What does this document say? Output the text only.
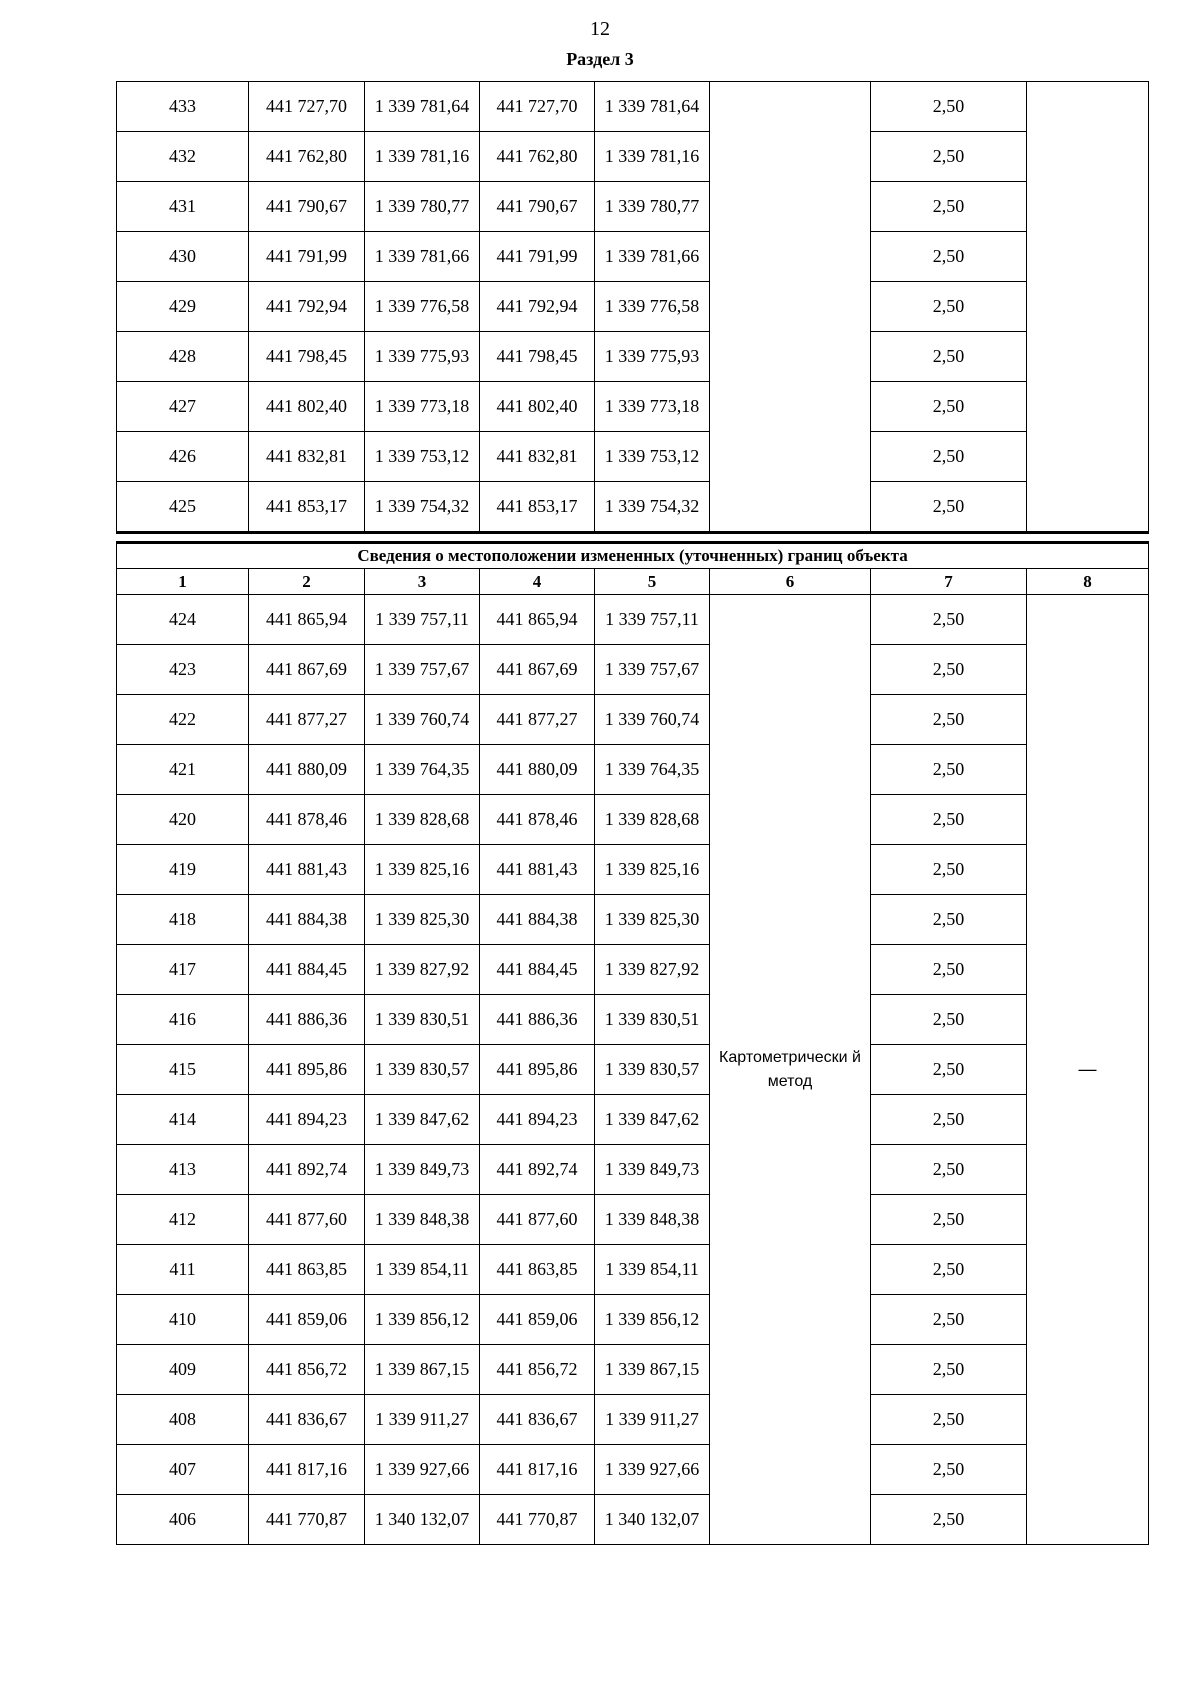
12
Раздел 3
433	441 727,70	1 339 781,64	441 727,70	1 339 781,64		2,50	
432	441 762,80	1 339 781,16	441 762,80	1 339 781,16		2,50	
431	441 790,67	1 339 780,77	441 790,67	1 339 780,77		2,50	
430	441 791,99	1 339 781,66	441 791,99	1 339 781,66		2,50	
429	441 792,94	1 339 776,58	441 792,94	1 339 776,58		2,50	
428	441 798,45	1 339 775,93	441 798,45	1 339 775,93		2,50	
427	441 802,40	1 339 773,18	441 802,40	1 339 773,18		2,50	
426	441 832,81	1 339 753,12	441 832,81	1 339 753,12		2,50	
425	441 853,17	1 339 754,32	441 853,17	1 339 754,32		2,50	
Сведения о местоположении измененных (уточненных) границ объекта							
1	2	3	4	5	6	7	8
424	441 865,94	1 339 757,11	441 865,94	1 339 757,11	Картометрически й метод	2,50	—
423	441 867,69	1 339 757,67	441 867,69	1 339 757,67		2,50	
422	441 877,27	1 339 760,74	441 877,27	1 339 760,74		2,50	
421	441 880,09	1 339 764,35	441 880,09	1 339 764,35		2,50	
420	441 878,46	1 339 828,68	441 878,46	1 339 828,68		2,50	
419	441 881,43	1 339 825,16	441 881,43	1 339 825,16		2,50	
418	441 884,38	1 339 825,30	441 884,38	1 339 825,30		2,50	
417	441 884,45	1 339 827,92	441 884,45	1 339 827,92		2,50	
416	441 886,36	1 339 830,51	441 886,36	1 339 830,51		2,50	
415	441 895,86	1 339 830,57	441 895,86	1 339 830,57		2,50	
414	441 894,23	1 339 847,62	441 894,23	1 339 847,62		2,50	
413	441 892,74	1 339 849,73	441 892,74	1 339 849,73		2,50	
412	441 877,60	1 339 848,38	441 877,60	1 339 848,38		2,50	
411	441 863,85	1 339 854,11	441 863,85	1 339 854,11		2,50	
410	441 859,06	1 339 856,12	441 859,06	1 339 856,12		2,50	
409	441 856,72	1 339 867,15	441 856,72	1 339 867,15		2,50	
408	441 836,67	1 339 911,27	441 836,67	1 339 911,27		2,50	
407	441 817,16	1 339 927,66	441 817,16	1 339 927,66		2,50	
406	441 770,87	1 340 132,07	441 770,87	1 340 132,07		2,50	
